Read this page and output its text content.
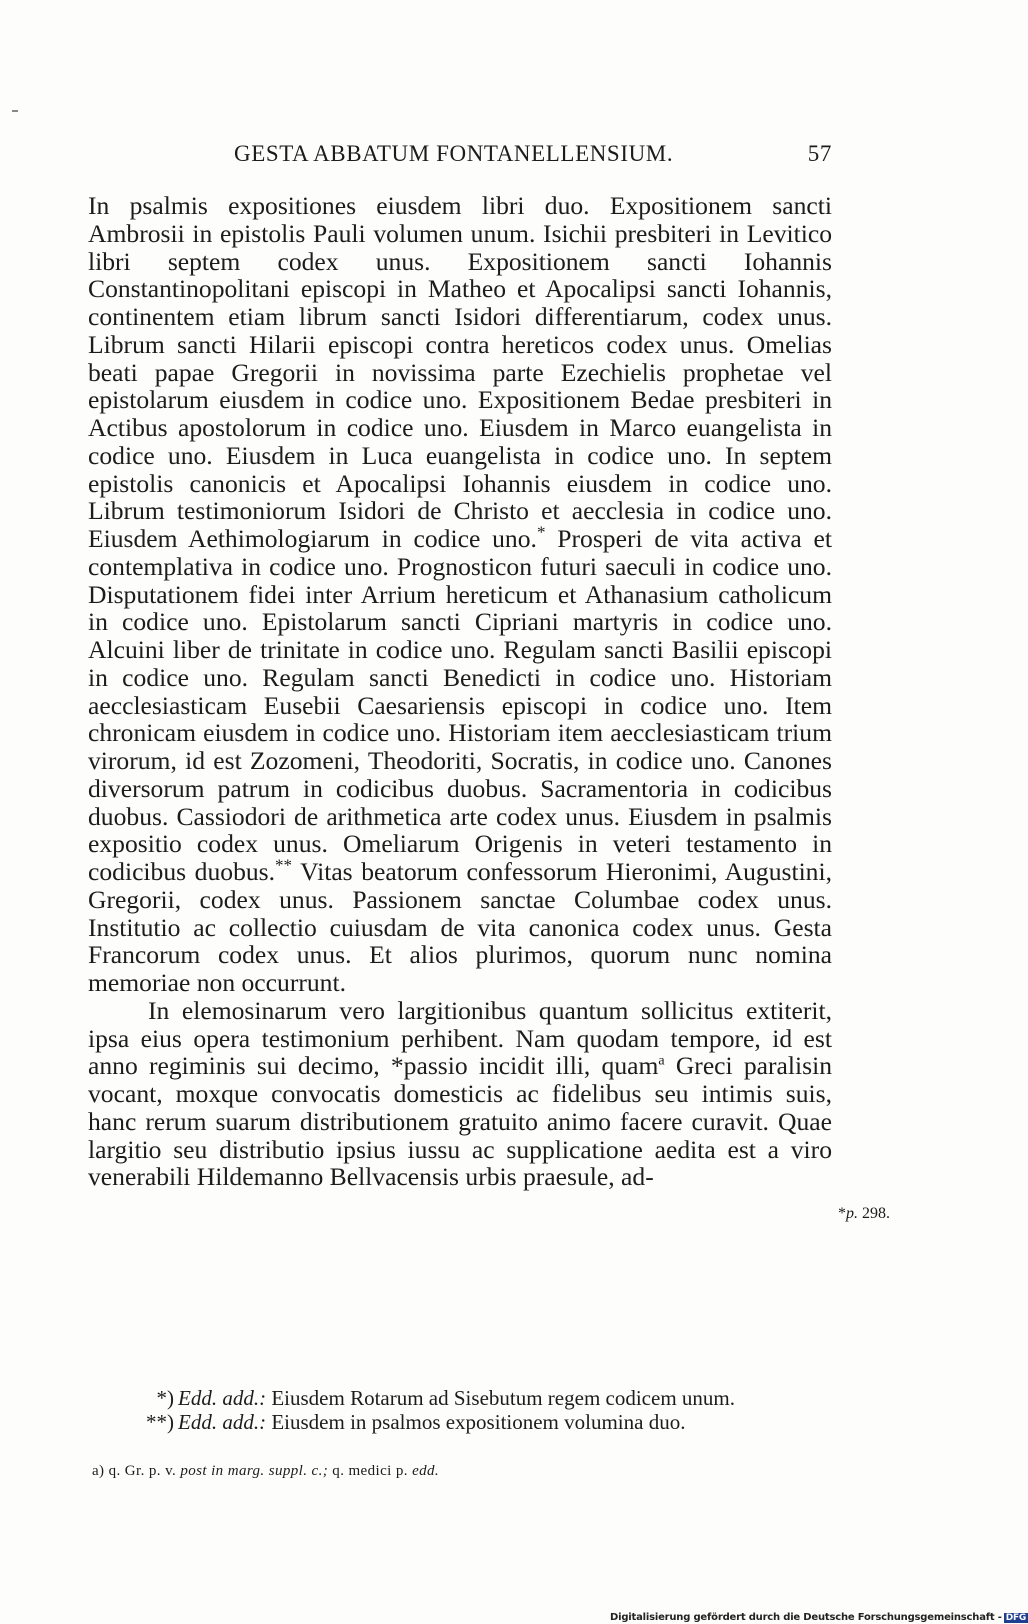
GESTA ABBATUM FONTANELLENSIUM.	57

In psalmis expositiones eiusdem libri duo. Expositionem sancti Ambrosii in epistolis Pauli volumen unum. Isichii presbiteri in Levitico libri septem codex unus. Expositionem sancti Iohannis Constantinopolitani episcopi in Matheo et Apocalipsi sancti Iohannis, continentem etiam librum sancti Isidori differentiarum, codex unus. Librum sancti Hilarii episcopi contra hereticos codex unus. Omelias beati papae Gregorii in novissima parte Ezechielis prophetae vel epistolarum eiusdem in codice uno. Expositionem Bedae presbiteri in Actibus apostolorum in codice uno. Eiusdem in Marco euangelista in codice uno. Eiusdem in Luca euangelista in codice uno. In septem epistolis canonicis et Apocalipsi Iohannis eiusdem in codice uno. Librum testimoniorum Isidori de Christo et aecclesia in codice uno. Eiusdem Aethimologiarum in codice uno.* Prosperi de vita activa et contemplativa in codice uno. Prognosticon futuri saeculi in codice uno. Disputationem fidei inter Arrium hereticum et Athanasium catholicum in codice uno. Epistolarum sancti Cipriani martyris in codice uno. Alcuini liber de trinitate in codice uno. Regulam sancti Basilii episcopi in codice uno. Regulam sancti Benedicti in codice uno. Historiam aecclesiasticam Eusebii Caesariensis episcopi in codice uno. Item chronicam eiusdem in codice uno. Historiam item aecclesiasticam trium virorum, id est Zozomeni, Theodoriti, Socratis, in codice uno. Canones diversorum patrum in codicibus duobus. Sacramentoria in codicibus duobus. Cassiodori de arithmetica arte codex unus. Eiusdem in psalmis expositio codex unus. Omeliarum Origenis in veteri testamento in codicibus duobus.** Vitas beatorum confessorum Hieronimi, Augustini, Gregorii, codex unus. Passionem sanctae Columbae codex unus. Institutio ac collectio cuiusdam de vita canonica codex unus. Gesta Francorum codex unus. Et alios plurimos, quorum nunc nomina memoriae non occurrunt.

In elemosinarum vero largitionibus quantum sollicitus extiterit, ipsa eius opera testimonium perhibent. Nam quodam tempore, id est anno regiminis sui decimo, *passio incidit illi, quam$^a$ Greci paralisin vocant, moxque convocatis domesticis ac fidelibus seu intimis suis, hanc rerum suarum distributionem gratuito animo facere curavit. Quae largitio seu distributio ipsius iussu ac supplicatione aedita est a viro venerabili Hildemanno Bellvacensis urbis praesule, ad-

*p. 298.
*) Edd. add.: Eiusdem Rotarum ad Sisebutum regem codicem unum.
**) Edd. add.: Eiusdem in psalmos expositionem volumina duo.
a) q. Gr. p. v. post in marg. suppl. c.; q. medici p. edd.
Digitalisierung gefördert durch die Deutsche Forschungsgemeinschaft - DFG
